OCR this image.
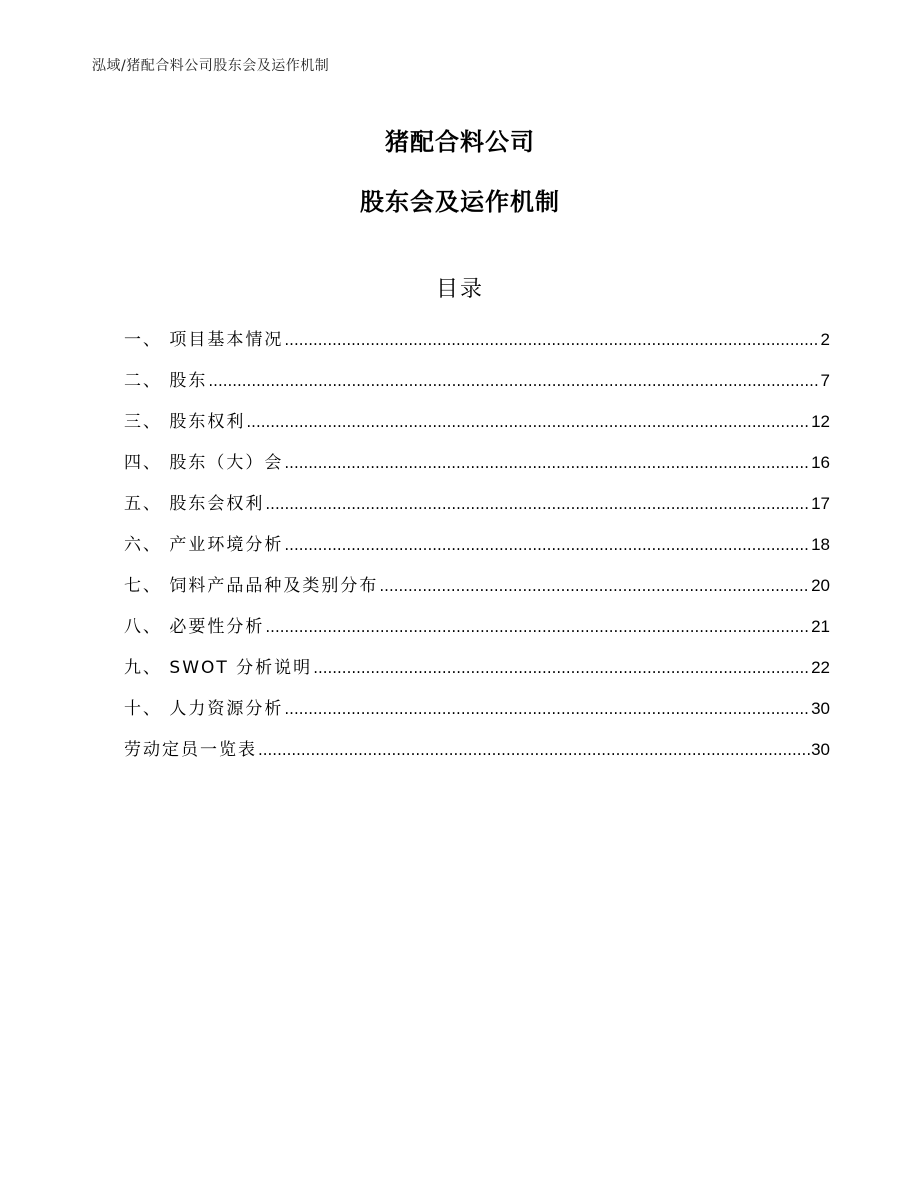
泓域/猪配合料公司股东会及运作机制
猪配合料公司
股东会及运作机制
目录
一、 项目基本情况 .....	2
二、 股东 .....	7
三、 股东权利 .....	12
四、 股东（大）会 .....	16
五、 股东会权利 .....	17
六、 产业环境分析 .....	18
七、 饲料产品品种及类别分布 .....	20
八、 必要性分析 .....	21
九、 SWOT 分析说明 .....	22
十、 人力资源分析 .....	30
劳动定员一览表 .....	30
